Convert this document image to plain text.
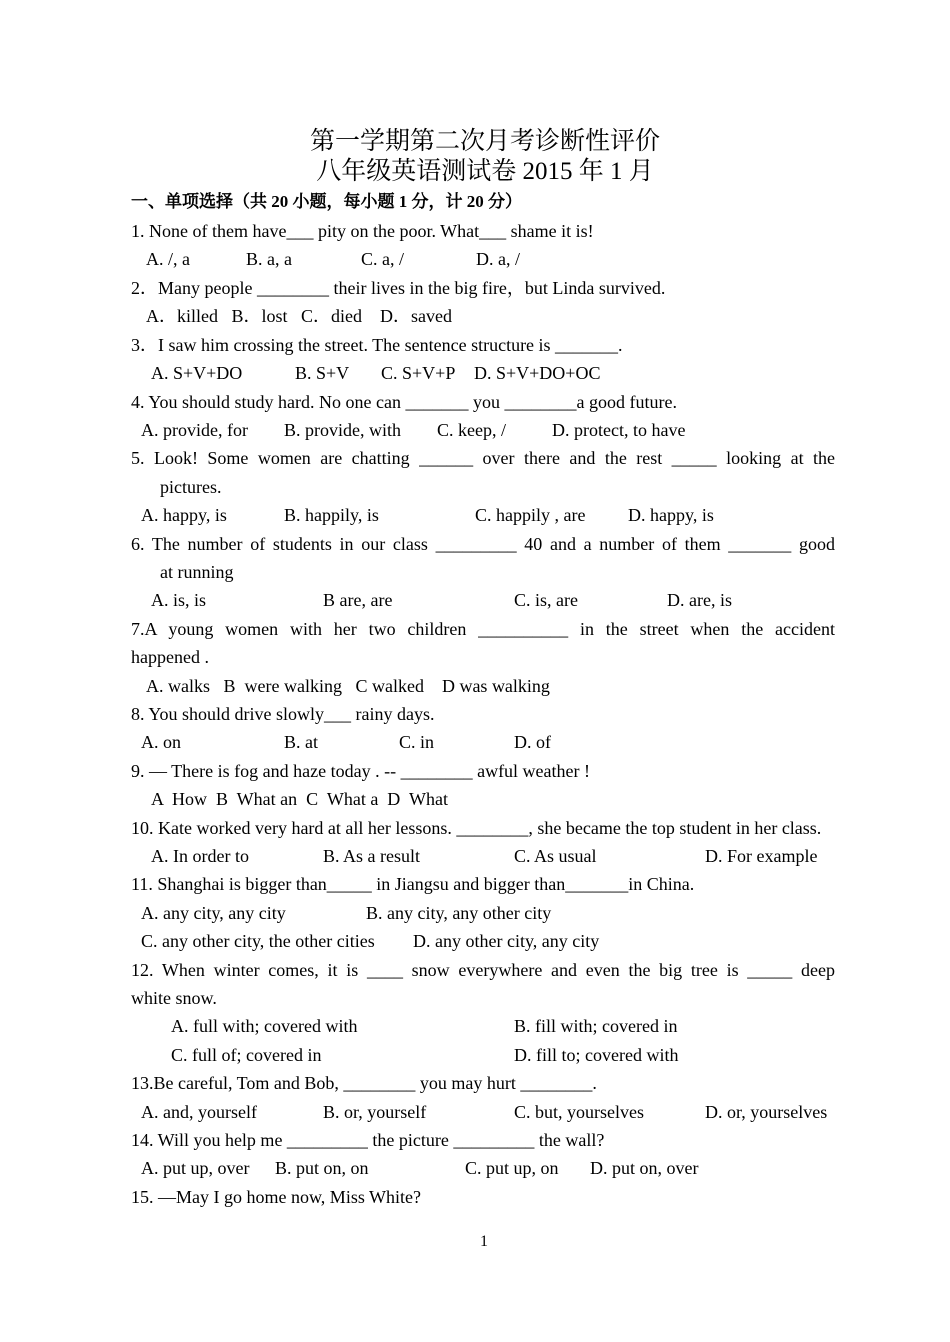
第一学期第二次月考诊断性评价
八年级英语测试卷 2015 年 1 月
一、单项选择（共 20 小题，每小题 1 分，计 20 分）
1. None of them have___ pity on the poor. What___ shame it is!
A. /, a	B. a, a	C. a, /	D. a, /
2．Many people ________ their lives in the big fire，but Linda survived.
A．killed   B．lost   C．died    D．saved
3．I saw him crossing the street. The sentence structure is _______.
A. S+V+DO	B. S+V C. S+V+P D. S+V+DO+OC
4. You should study hard. No one can _______ you ________a good future.
A. provide, for B. provide, with C. keep, /	D. protect, to have
5. Look! Some women are chatting ______ over there and the rest _____ looking at the
pictures.
A. happy, is	B. happily, is	C. happily , are D. happy, is
6. The number of students in our class _________ 40 and a number of them _______ good
at running
A. is, is	B are, are	C. is, are	D. are, is
7.A young women with her two children __________ in the street when the accident
happened .
A. walks   B  were walking   C walked    D was walking
8. You should drive slowly___ rainy days.
A. on	B. at	C. in	D. of
9. — There is fog and haze today . -- ________ awful weather !
A  How  B  What an  C  What a  D  What
10. Kate worked very hard at all her lessons. ________, she became the top student in her class.
A. In order to	B. As a result	C. As usual	D. For example
11. Shanghai is bigger than_____ in Jiangsu and bigger than_______in China.
A. any city, any city	B. any city, any other city
C. any other city, the other cities D. any other city, any city
12. When winter comes, it is ____ snow everywhere and even the big tree is _____ deep
white snow.
A. full with; covered with	B. fill with; covered in
C. full of; covered in	D. fill to; covered with
13.Be careful, Tom and Bob, ________ you may hurt ________.
A. and, yourself	B. or, yourself	C. but, yourselves	D. or, yourselves
14. Will you help me _________ the picture _________ the wall?
A. put up, over B. put on, on	C. put up, on D. put on, over
15. —May I go home now, Miss White?
1
